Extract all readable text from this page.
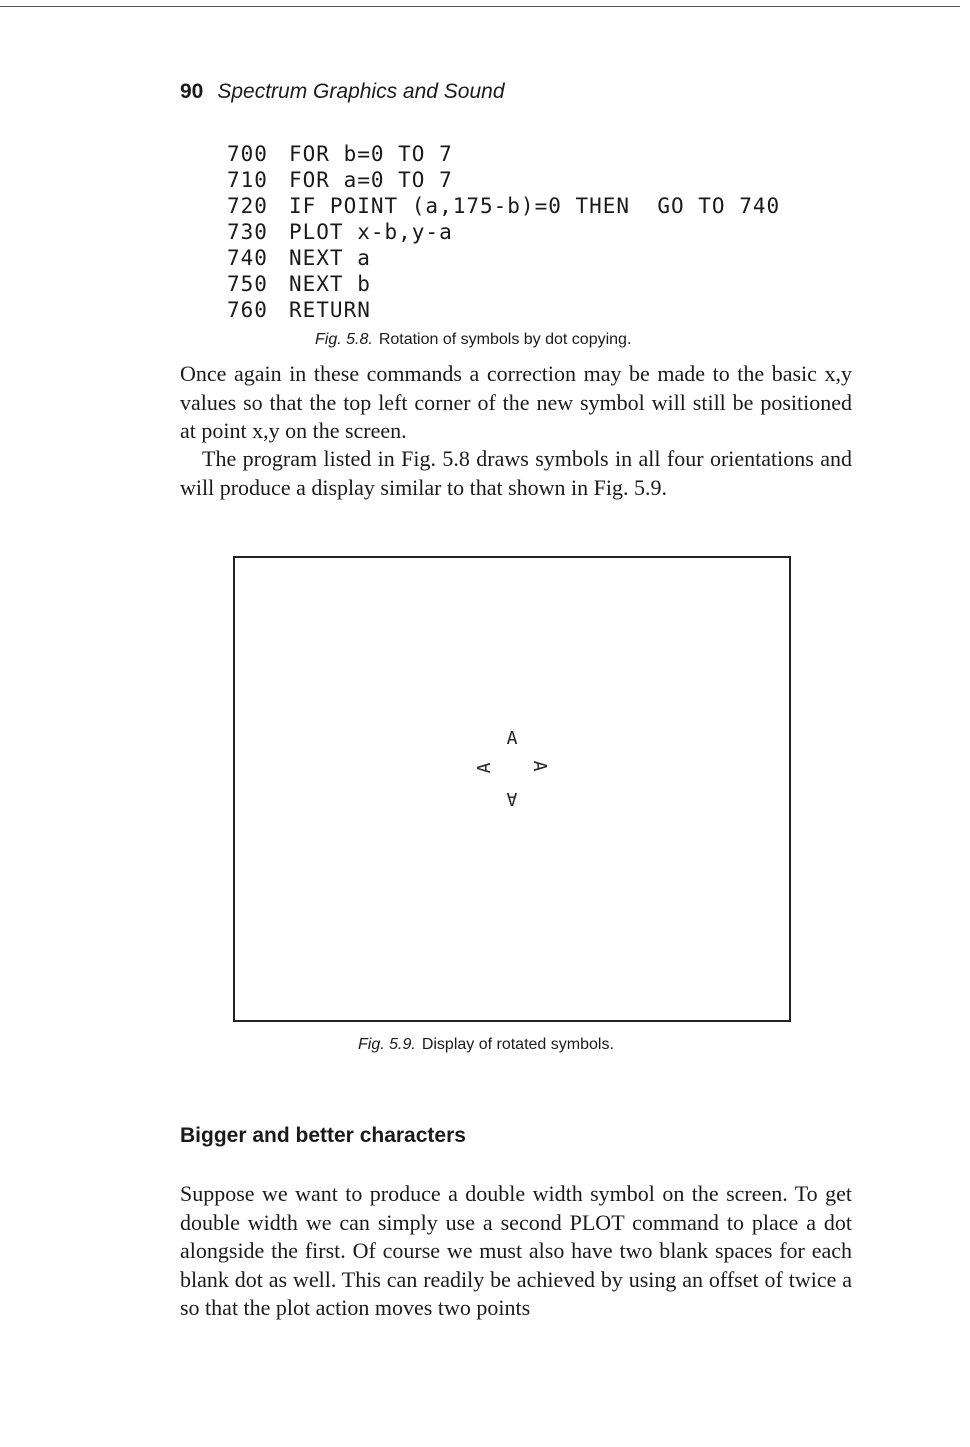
90 Spectrum Graphics and Sound
700 FOR b=0 TO 7
710 FOR a=0 TO 7
720 IF POINT (a,175-b)=0 THEN  GO TO 740
730 PLOT x-b,y-a
740 NEXT a
750 NEXT b
760 RETURN
Fig. 5.8. Rotation of symbols by dot copying.

Once again in these commands a correction may be made to the basic x,y values so that the top left corner of the new symbol will still be positioned at point x,y on the screen.

The program listed in Fig. 5.8 draws symbols in all four orientations and will produce a display similar to that shown in Fig. 5.9.

A
A A
A
Fig. 5.9. Display of rotated symbols.
Bigger and better characters

Suppose we want to produce a double width symbol on the screen. To get double width we can simply use a second PLOT command to place a dot alongside the first. Of course we must also have two blank spaces for each blank dot as well. This can readily be achieved by using an offset of twice a so that the plot action moves two points
